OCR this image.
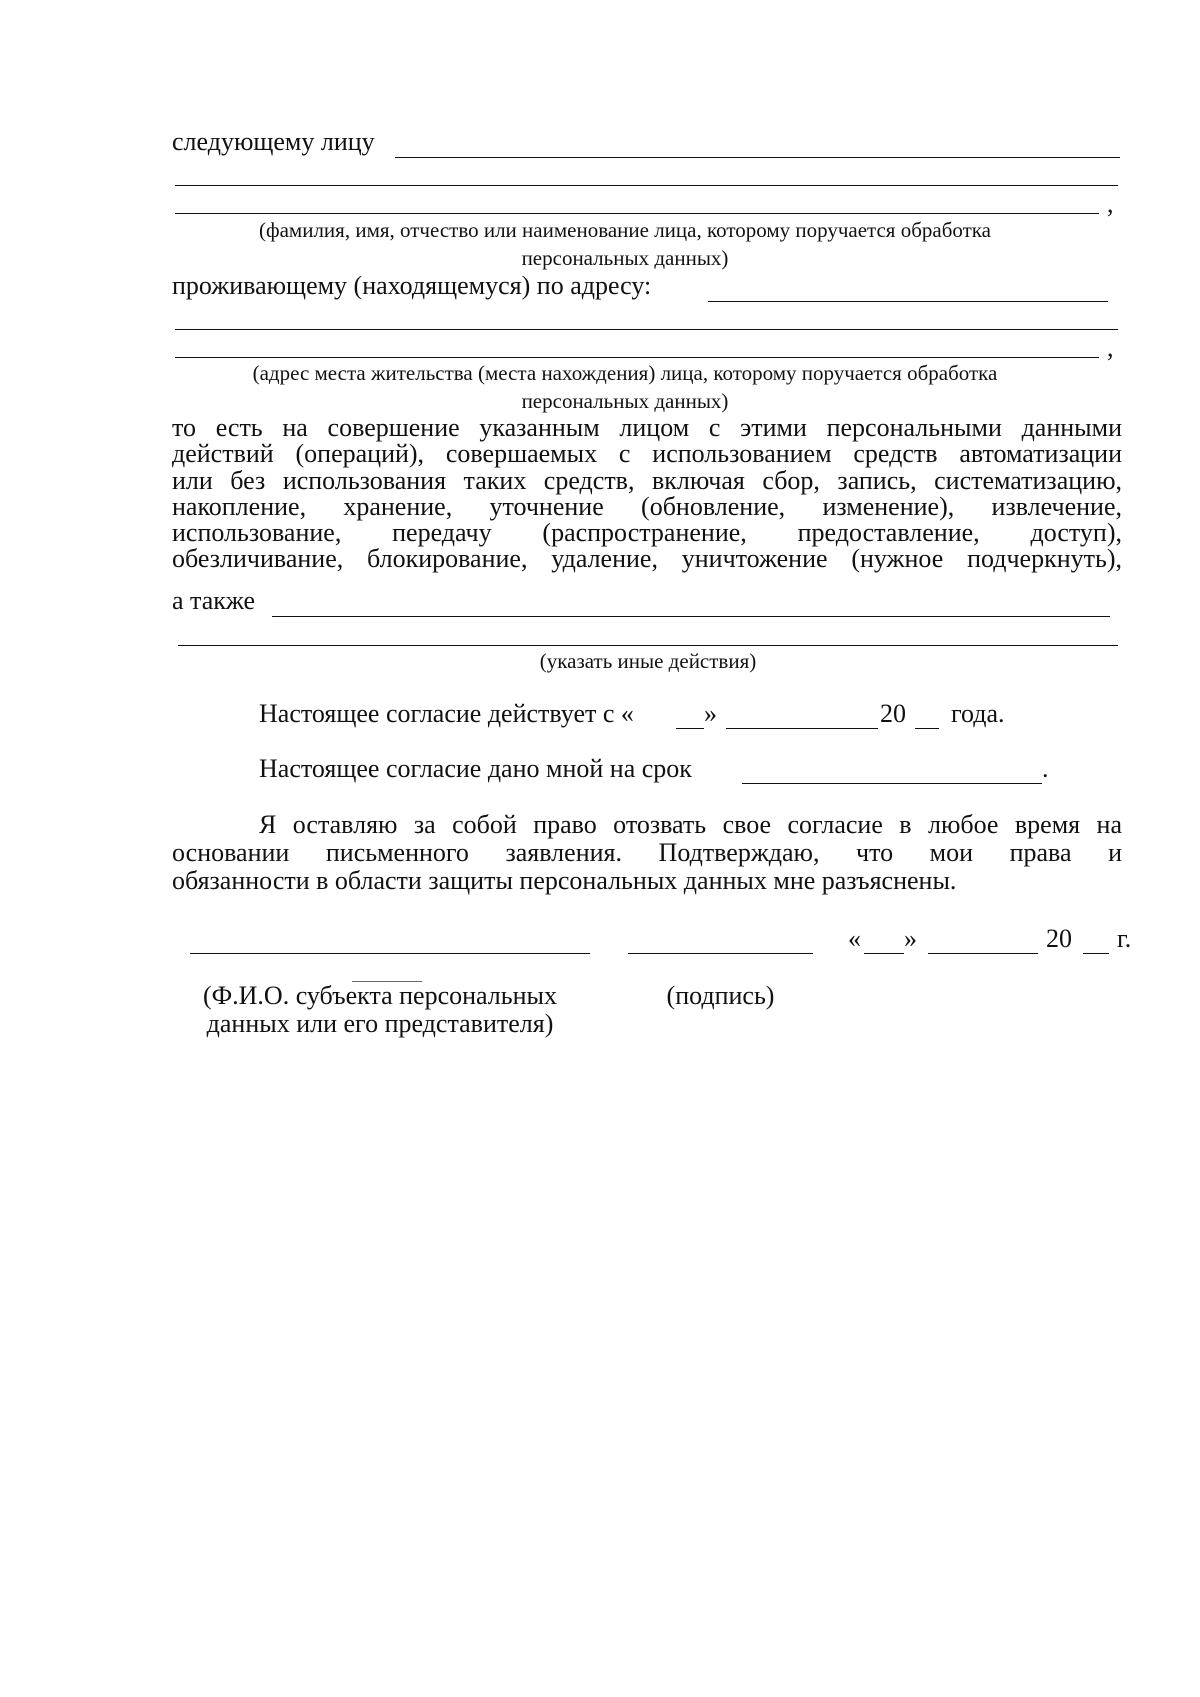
следующему лицу
,
(фамилия, имя, отчество или наименование лица, которому поручается обработка
персональных данных)
проживающему (находящемуся) по адресу:
,
(адрес места жительства (места нахождения) лица, которому поручается обработка
персональных данных)
то есть на совершение указанным лицом с этими персональными данными
действий (операций), совершаемых с использованием средств автоматизации
или без использования таких средств, включая сбор, запись, систематизацию,
накопление, хранение, уточнение (обновление, изменение), извлечение,
использование, передачу (распространение, предоставление, доступ),
обезличивание, блокирование, удаление, уничтожение (нужное подчеркнуть),
а также
(указать иные действия)
Настоящее согласие действует с «	»	20 года.
Настоящее согласие дано мной на срок	.
Я оставляю за собой право отозвать свое согласие в любое время на
основании письменного заявления. Подтверждаю, что мои права и
обязанности в области защиты персональных данных мне разъяснены.
« »	20 г.
(Ф.И.О. субъекта персональных
данных или его представителя)
(подпись)
